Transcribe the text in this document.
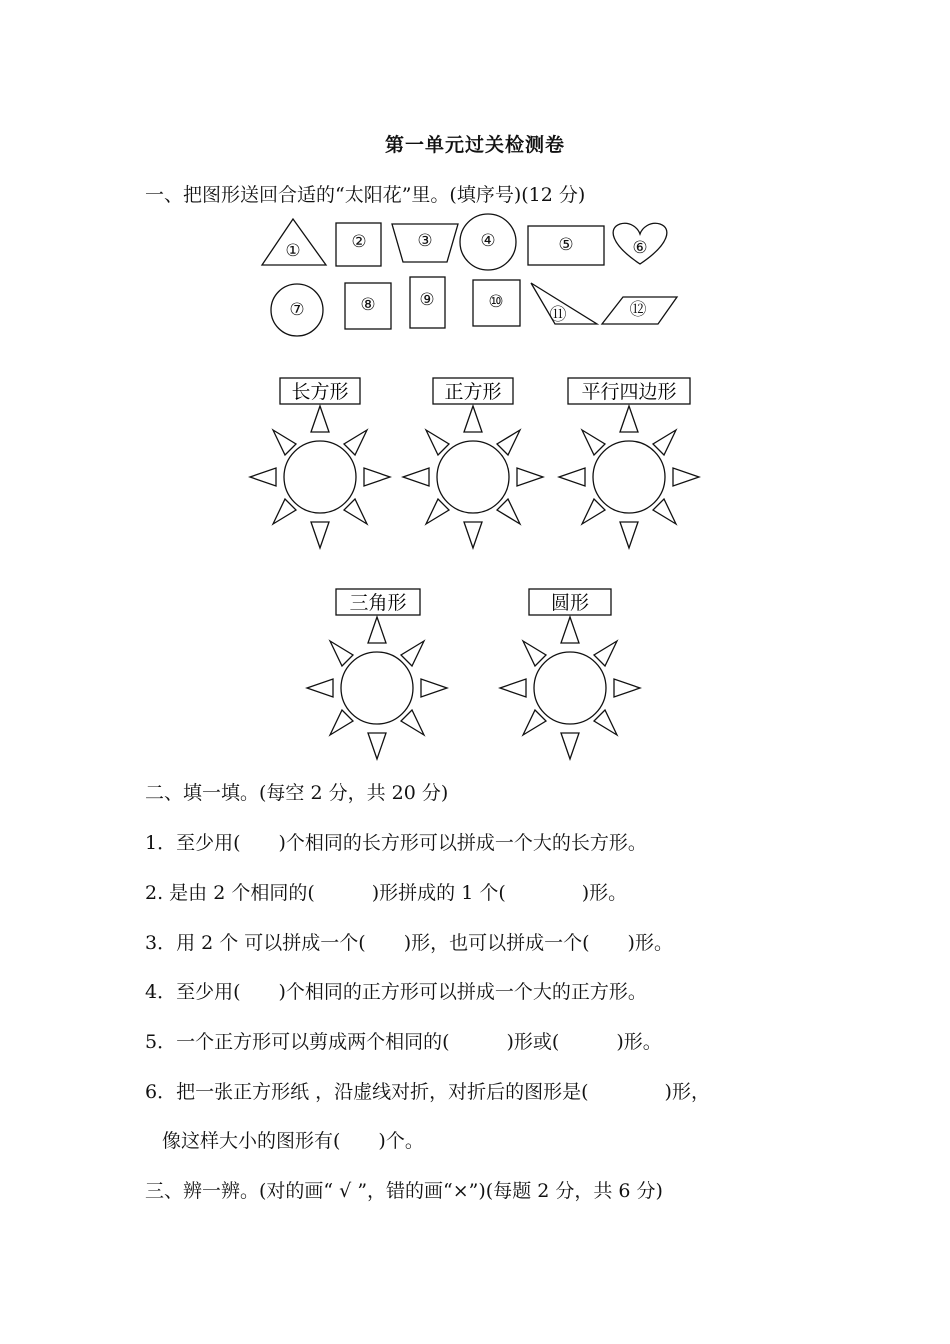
第一单元过关检测卷
一、把图形送回合适的“太阳花”里。(填序号)(12 分)
①	②	③	④	⑤	⑥
⑦	⑧	⑨	⑩
⑪	⑫
长方形	正方形	平行四边形
三角形	圆形
二、填一填。(每空 2 分，共 20 分)
1．至少用(　　)个相同的长方形可以拼成一个大的长方形。
2. 是由 2 个相同的(　　　)形拼成的 1 个(　　　　)形。
3．用 2 个 可以拼成一个(　　)形，也可以拼成一个(　　)形。
4．至少用(　　)个相同的正方形可以拼成一个大的正方形。
5．一个正方形可以剪成两个相同的(　　　)形或(　　　)形。
6．把一张正方形纸 ，沿虚线对折，对折后的图形是(　　　　)形，
像这样大小的图形有(　　)个。
三、辨一辨。(对的画“ √ ”，错的画“×”)(每题 2 分，共 6 分)
